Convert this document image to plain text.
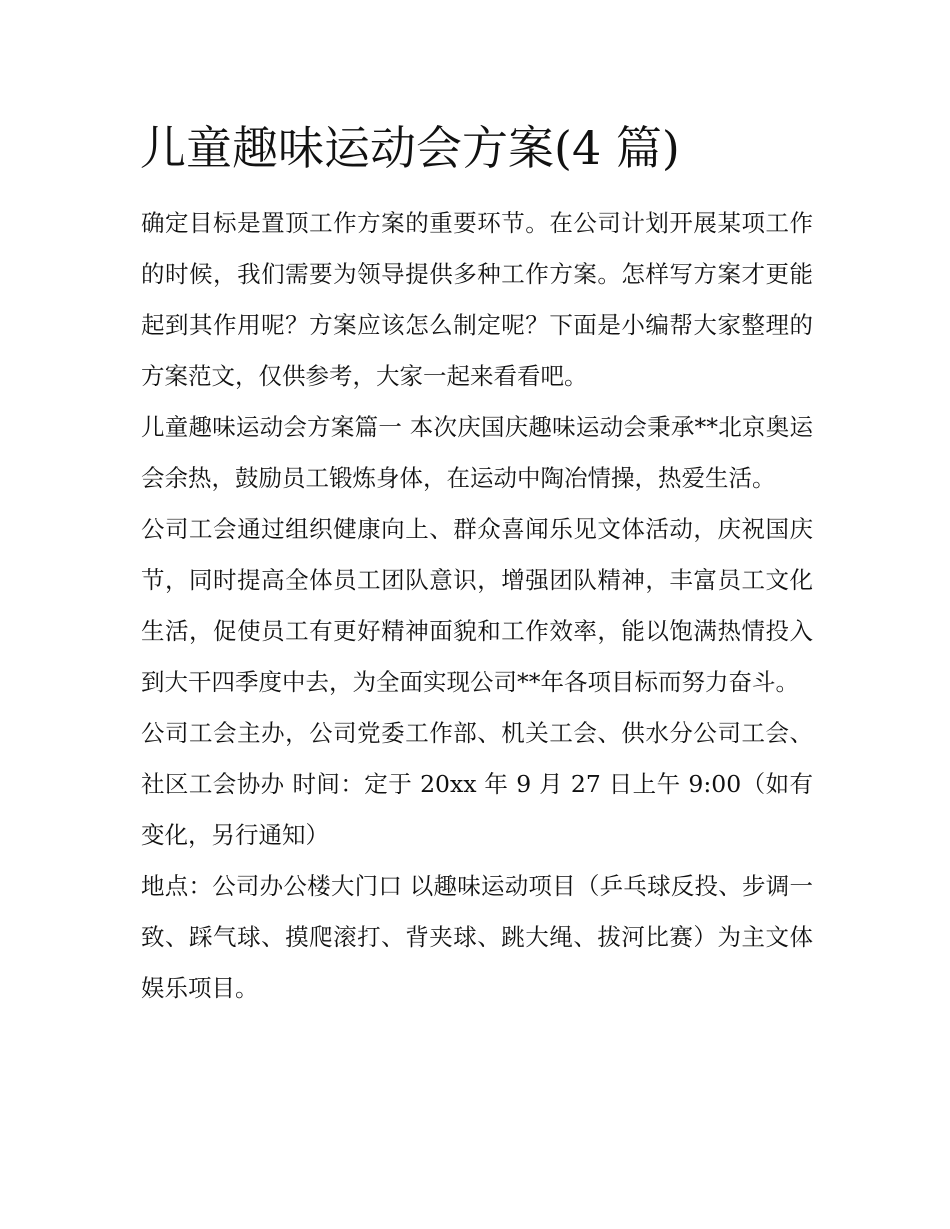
儿童趣味运动会方案(4 篇)

确定目标是置顶工作方案的重要环节。在公司计划开展某项工作的时候，我们需要为领导提供多种工作方案。怎样写方案才更能起到其作用呢？方案应该怎么制定呢？下面是小编帮大家整理的方案范文，仅供参考，大家一起来看看吧。

儿童趣味运动会方案篇一 本次庆国庆趣味运动会秉承**北京奥运会余热，鼓励员工锻炼身体，在运动中陶冶情操，热爱生活。

公司工会通过组织健康向上、群众喜闻乐见文体活动，庆祝国庆节，同时提高全体员工团队意识，增强团队精神，丰富员工文化生活，促使员工有更好精神面貌和工作效率，能以饱满热情投入到大干四季度中去，为全面实现公司**年各项目标而努力奋斗。

公司工会主办，公司党委工作部、机关工会、供水分公司工会、社区工会协办 时间：定于 20xx 年 9 月 27 日上午 9:00（如有变化，另行通知）

地点：公司办公楼大门口 以趣味运动项目（乒乓球反投、步调一致、踩气球、摸爬滚打、背夹球、跳大绳、拔河比赛）为主文体娱乐项目。
